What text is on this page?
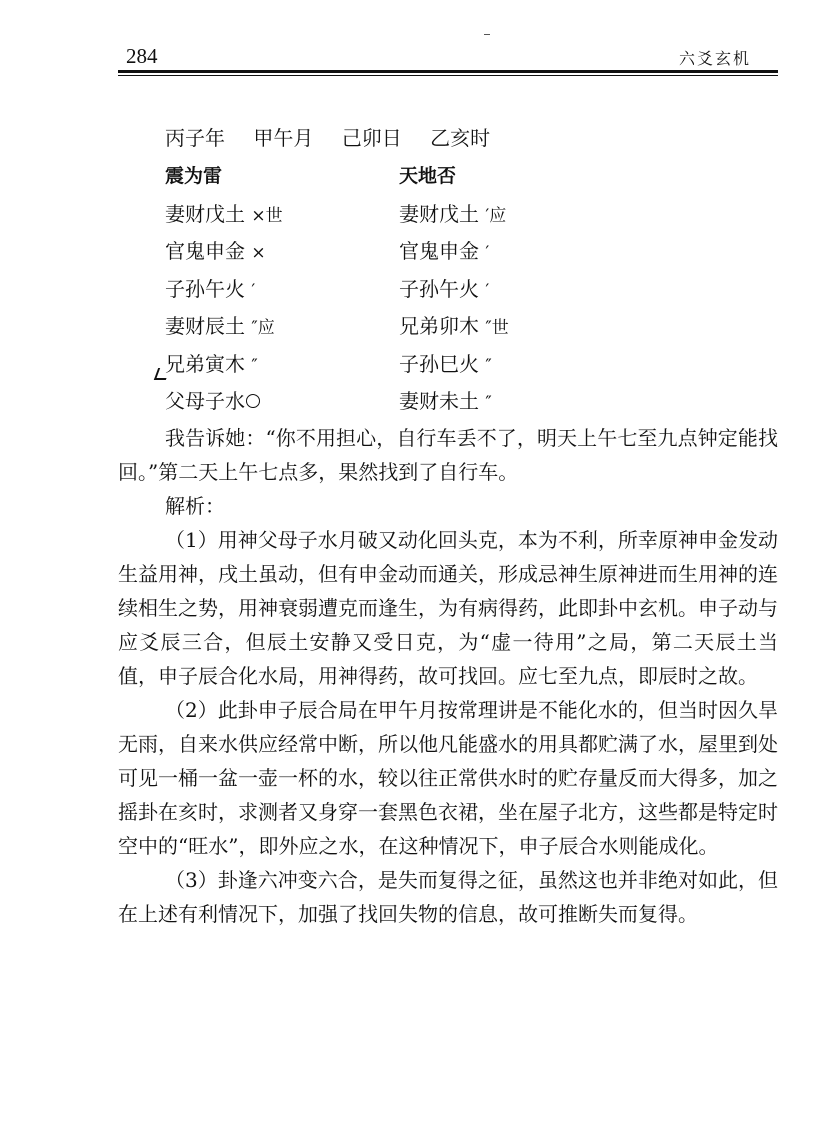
284	六爻玄机
丙子年 甲午月 己卯日 乙亥时
震为雷	天地否
妻财戊土 ×世	妻财戊土 ′应
官鬼申金 ×	官鬼申金 ′
子孙午火 ′	子孙午火 ′
妻财辰土 ″应	兄弟卯木 ″世
兄弟寅木 ″	子孙巳火 ″
父母子水	妻财未土 ″

我告诉她：“你不用担心，自行车丢不了，明天上午七至九点钟定能找回。”第二天上午七点多，果然找到了自行车。

解析：

（1）用神父母子水月破又动化回头克，本为不利，所幸原神申金发动生益用神，戌土虽动，但有申金动而通关，形成忌神生原神进而生用神的连续相生之势，用神衰弱遭克而逢生，为有病得药，此即卦中玄机。申子动与应爻辰三合，但辰土安静又受日克，为“虚一待用”之局，第二天辰土当值，申子辰合化水局，用神得药，故可找回。应七至九点，即辰时之故。

（2）此卦申子辰合局在甲午月按常理讲是不能化水的，但当时因久旱无雨，自来水供应经常中断，所以他凡能盛水的用具都贮满了水，屋里到处可见一桶一盆一壶一杯的水，较以往正常供水时的贮存量反而大得多，加之摇卦在亥时，求测者又身穿一套黑色衣裙，坐在屋子北方，这些都是特定时空中的“旺水”，即外应之水，在这种情况下，申子辰合水则能成化。

（3）卦逢六冲变六合，是失而复得之征，虽然这也并非绝对如此，但在上述有利情况下，加强了找回失物的信息，故可推断失而复得。
